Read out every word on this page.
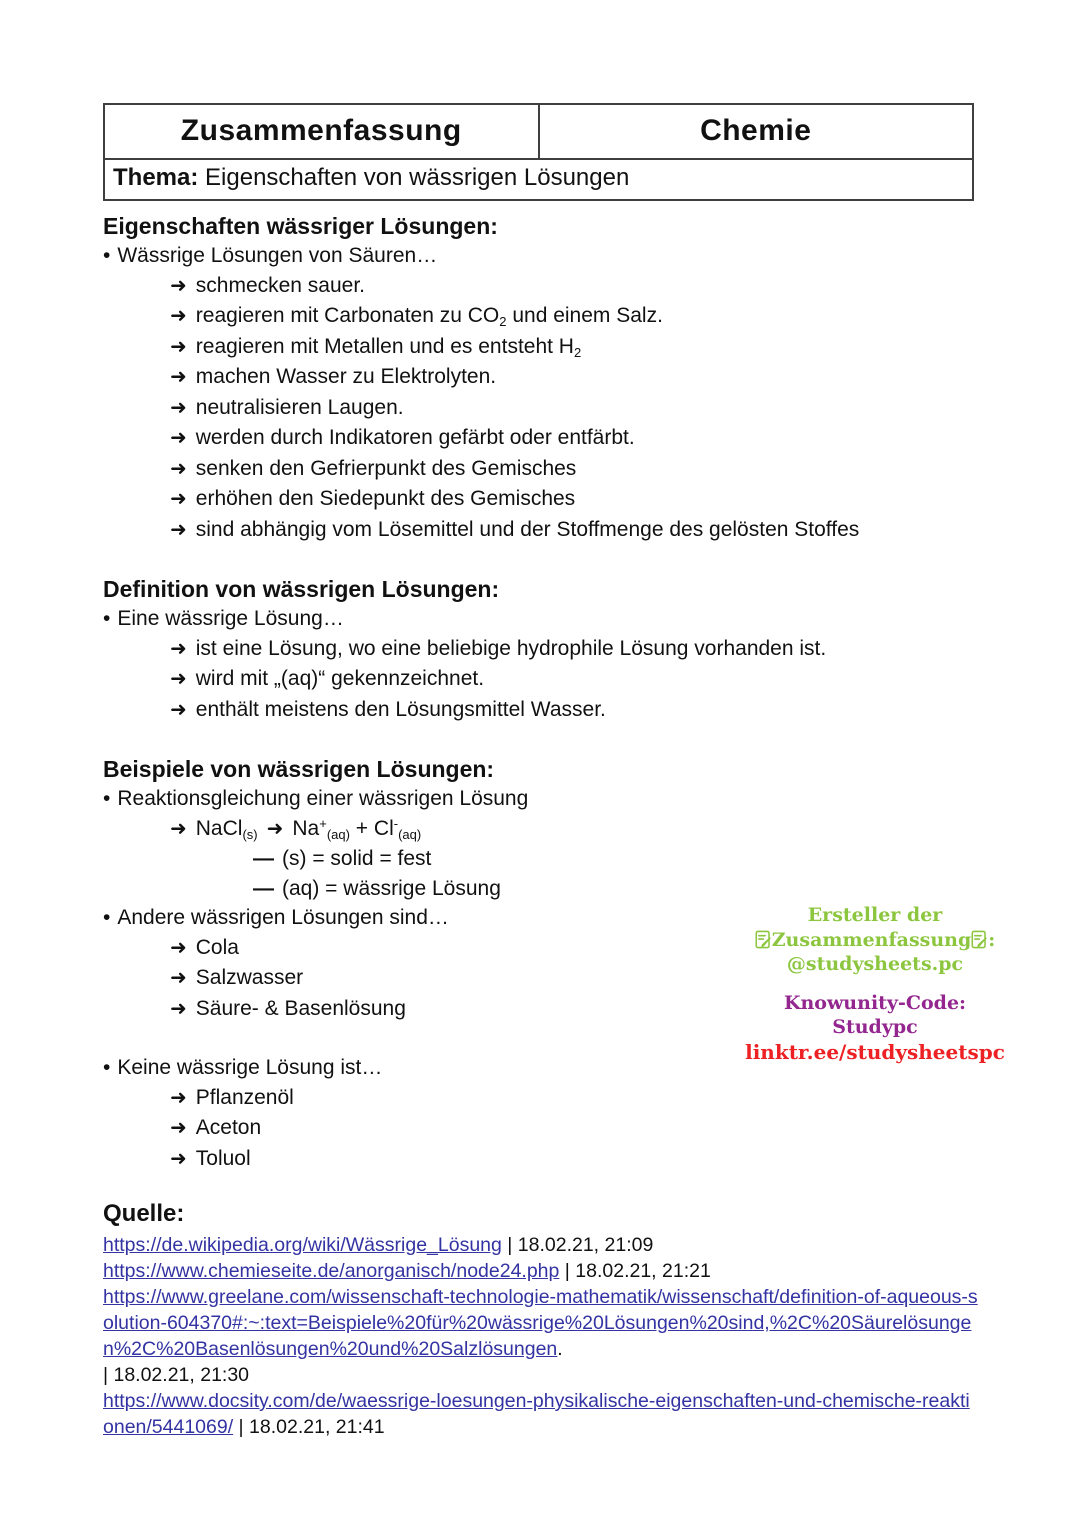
Zusammenfassung	Chemie
Thema: Eigenschaften von wässrigen Lösungen
Eigenschaften wässriger Lösungen:
• Wässrige Lösungen von Säuren…
➜ schmecken sauer.
➜ reagieren mit Carbonaten zu $CO_2$ und einem Salz.
➜ reagieren mit Metallen und es entsteht $H_2$
➜ machen Wasser zu Elektrolyten.
➜ neutralisieren Laugen.
➜ werden durch Indikatoren gefärbt oder entfärbt.
➜ senken den Gefrierpunkt des Gemisches
➜ erhöhen den Siedepunkt des Gemisches
➜ sind abhängig vom Lösemittel und der Stoffmenge des gelösten Stoffes
Definition von wässrigen Lösungen:
• Eine wässrige Lösung…
➜ ist eine Lösung, wo eine beliebige hydrophile Lösung vorhanden ist.
➜ wird mit „(aq)“ gekennzeichnet.
➜ enthält meistens den Lösungsmittel Wasser.
Beispiele von wässrigen Lösungen:
• Reaktionsgleichung einer wässrigen Lösung
➜ NaCl$_{(s)}$ ➜ $Na^+_{(aq)} + Cl^-_{(aq)}$
— (s) = solid = fest
— (aq) = wässrige Lösung
• Andere wässrigen Lösungen sind…
➜ Cola
➜ Salzwasser
➜ Säure- & Basenlösung
• Keine wässrige Lösung ist…
➜ Pflanzenöl
➜ Aceton
➜ Toluol
Quelle:

https://de.wikipedia.org/wiki/Wässrige_Lösung | 18.02.21, 21:09

https://www.chemieseite.de/anorganisch/node24.php | 18.02.21, 21:21

https://www.greelane.com/wissenschaft-technologie-mathematik/wissenschaft/definition-of-aqueous-solution-604370#:~:text=Beispiele%20für%20wässrige%20Lösungen%20sind,%2C%20Säurelösungen%2C%20Basenlösungen%20und%20Salzlösungen.
| 18.02.21, 21:30

https://www.docsity.com/de/waessrige-loesungen-physikalische-eigenschaften-und-chemische-reaktionen/5441069/ | 18.02.21, 21:41

Ersteller der
Zusammenfassung :
@studysheets.pc
Knowunity-Code:
Studypc
linktr.ee/studysheetspc
